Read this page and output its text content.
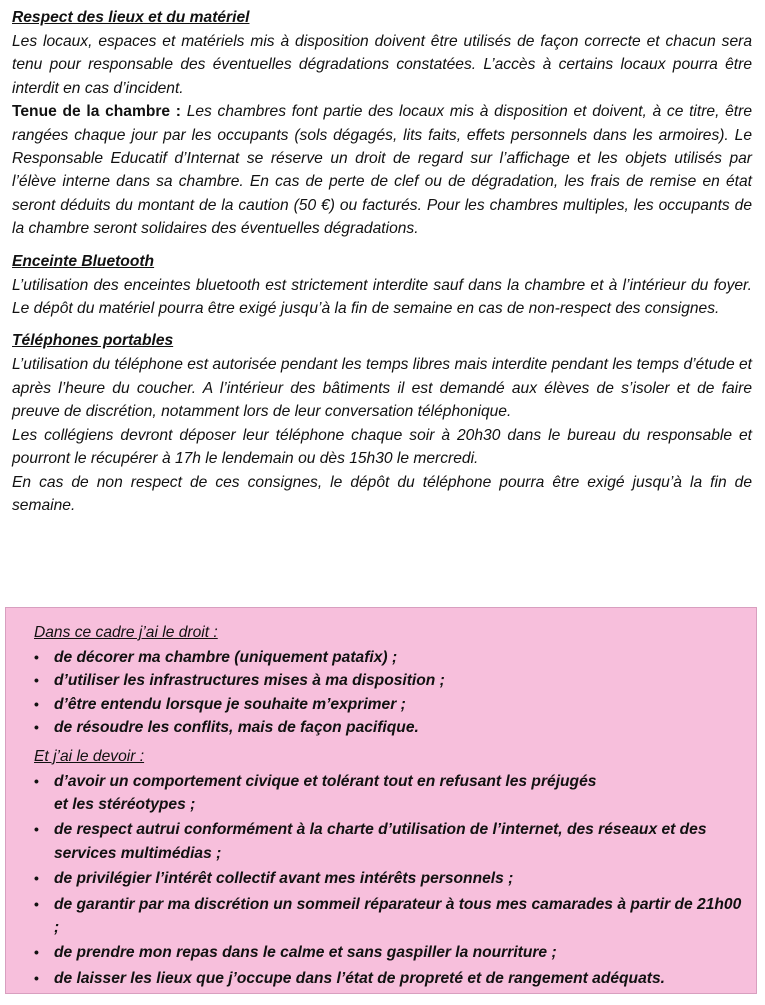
Respect des lieux et du matériel

Les locaux, espaces et matériels mis à disposition doivent être utilisés de façon correcte et chacun sera tenu pour responsable des éventuelles dégradations constatées. L’accès à certains locaux pourra être interdit en cas d’incident.

Tenue de la chambre : Les chambres font partie des locaux mis à disposition et doivent, à ce titre, être rangées chaque jour par les occupants (sols dégagés, lits faits, effets personnels dans les armoires). Le Responsable Educatif d’Internat se réserve un droit de regard sur l’affichage et les objets utilisés par l’élève interne dans sa chambre. En cas de perte de clef ou de dégradation, les frais de remise en état seront déduits du montant de la caution (50 €) ou facturés. Pour les chambres multiples, les occupants de la chambre seront solidaires des éventuelles dégradations.

Enceinte Bluetooth

L’utilisation des enceintes bluetooth est strictement interdite sauf dans la chambre et à l’intérieur du foyer. Le dépôt du matériel pourra être exigé jusqu’à la fin de semaine en cas de non-respect des consignes.

Téléphones portables

L’utilisation du téléphone est autorisée pendant les temps libres mais interdite pendant les temps d’étude et après l’heure du coucher. A l’intérieur des bâtiments il est demandé aux élèves de s’isoler et de faire preuve de discrétion, notamment lors de leur conversation téléphonique.

Les collégiens devront déposer leur téléphone chaque soir à 20h30 dans le bureau du responsable et pourront le récupérer à 17h le lendemain ou dès 15h30 le mercredi.

En cas de non respect de ces consignes, le dépôt du téléphone pourra être exigé jusqu’à la fin de semaine.

Dans ce cadre j’ai le droit :

• de décorer ma chambre (uniquement patafix) ;
• d’utiliser les infrastructures mises à ma disposition ;
• d’être entendu lorsque je souhaite m’exprimer ;
• de résoudre les conflits, mais de façon pacifique.

Et j’ai le devoir :

• d’avoir un comportement civique et tolérant tout en refusant les préjugés
et les stéréotypes ;
• de respect autrui conformément à la charte d’utilisation de l’internet, des réseaux et des services multimédias ;
• de privilégier l’intérêt collectif avant mes intérêts personnels ;
• de garantir par ma discrétion un sommeil réparateur à tous mes camarades à partir de 21h00 ;
• de prendre mon repas dans le calme et sans gaspiller la nourriture ;
• de laisser les lieux que j’occupe dans l’état de propreté et de rangement adéquats.
